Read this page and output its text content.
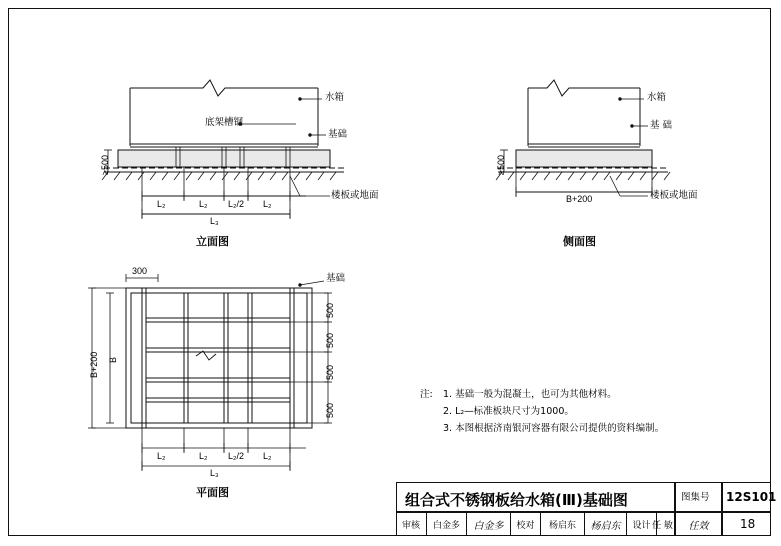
水箱
底架槽钢
基础
楼板或地面
≥500
L₂	L₂ L₂/2 L₂
L₃
立面图
水箱
基 础
楼板或地面
≥500
B+200
侧面图
300
基础
B+200 B
500
500
500
500
L₂	L₂ L₂/2 L₂
L₃
平面图
注: 1. 基础一般为混凝土，也可为其他材料。
2. L₂—标准板块尺寸为1000。
3. 本图根据济南银河容器有限公司提供的资料编制。
组合式不锈钢板给水箱(Ⅲ)基础图	图集号 12S101
审核	白金多	白金多	校对	杨启东	杨启东	设计 任 敏	任效	18
